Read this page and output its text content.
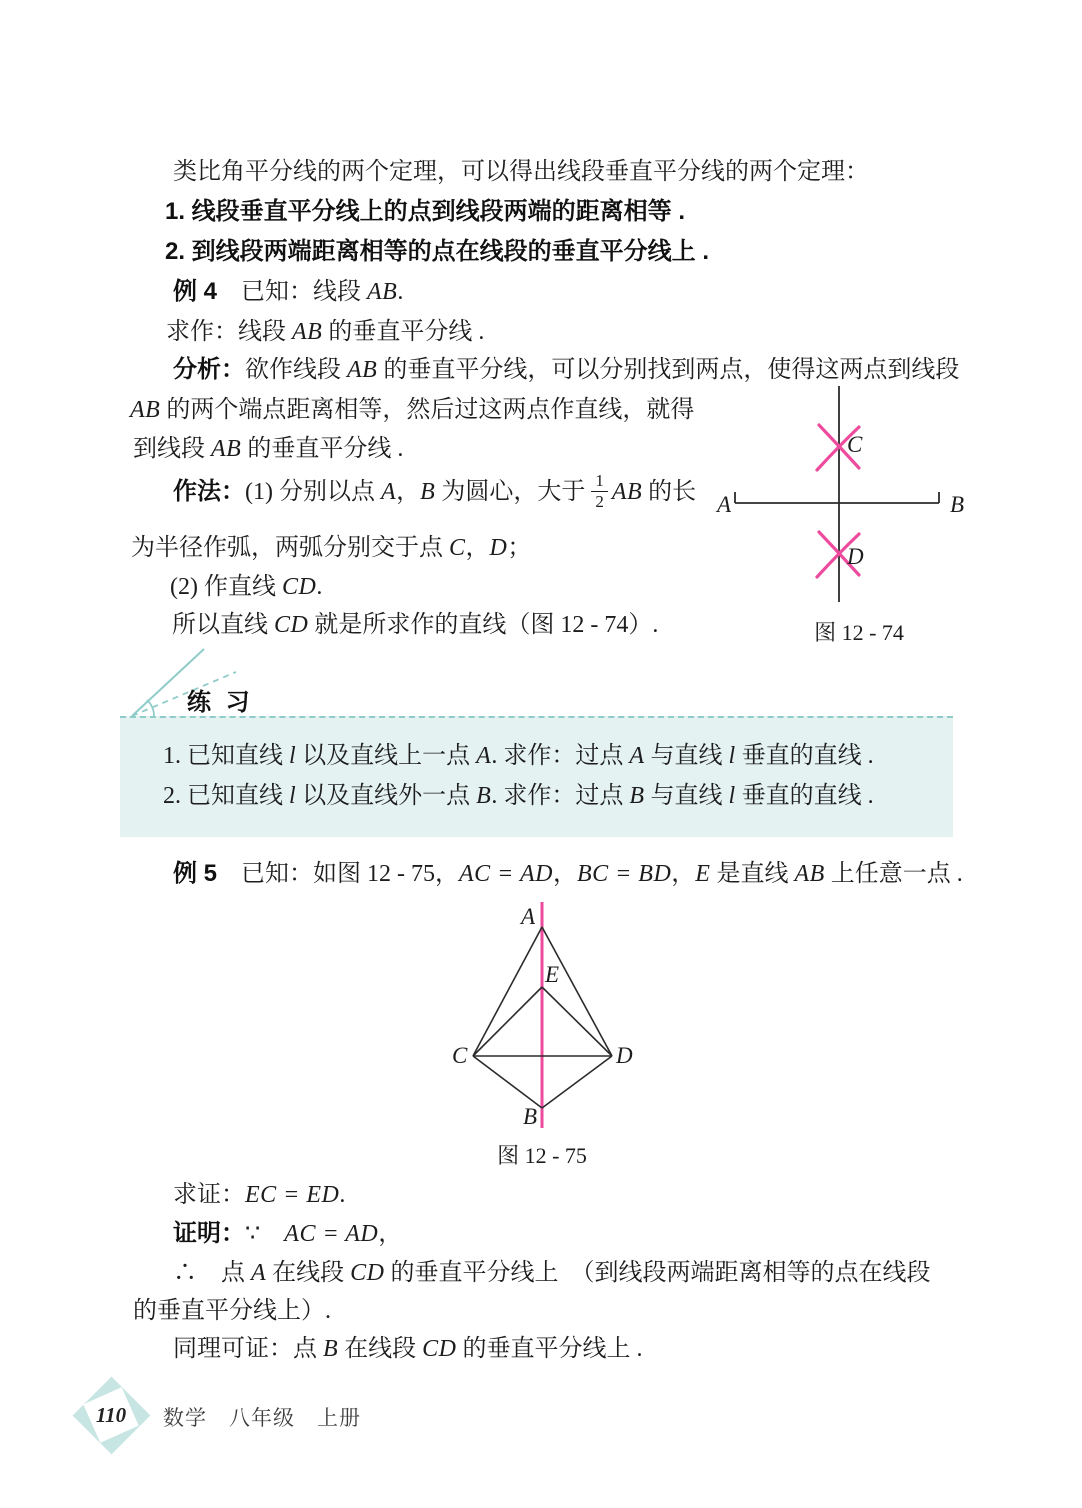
类比角平分线的两个定理，可以得出线段垂直平分线的两个定理：
1. 线段垂直平分线上的点到线段两端的距离相等 .
2. 到线段两端距离相等的点在线段的垂直平分线上 .
例 4　已知：线段 AB.
求作：线段 AB 的垂直平分线 .
分析：欲作线段 AB 的垂直平分线，可以分别找到两点，使得这两点到线段
AB 的两个端点距离相等，然后过这两点作直线，就得
到线段 AB 的垂直平分线 .
作法：(1) 分别以点 A，B 为圆心，大于 $\frac{1}{2}$ AB 的长
为半径作弧，两弧分别交于点 C，D；
(2) 作直线 CD.
所以直线 CD 就是所求作的直线（图 12 - 74）.
A	B
C
D
图 12 - 74
练 习
1. 已知直线 l 以及直线上一点 A. 求作：过点 A 与直线 l 垂直的直线 .
2. 已知直线 l 以及直线外一点 B. 求作：过点 B 与直线 l 垂直的直线 .
例 5　已知：如图 12 - 75，AC = AD，BC = BD，E 是直线 AB 上任意一点 .
A
E
C	D
B
图 12 - 75
求证：EC = ED.
证明：∵　AC = AD，
∴　点 A 在线段 CD 的垂直平分线上　（到线段两端距离相等的点在线段
的垂直平分线上）.
同理可证：点 B 在线段 CD 的垂直平分线上 .
110	数学　八年级　上册
